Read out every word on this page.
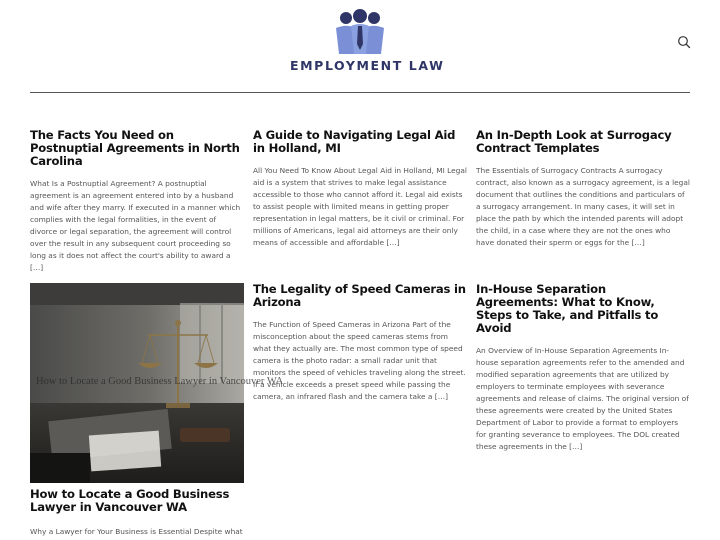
EMPLOYMENT LAW
The Facts You Need on Postnuptial Agreements in North Carolina

What Is a Postnuptial Agreement? A postnuptial agreement is an agreement entered into by a husband and wife after they marry. If executed in a manner which complies with the legal formalities, in the event of divorce or legal separation, the agreement will control over the result in any subsequent court proceeding so long as it does not affect the court's ability to award a […]

A Guide to Navigating Legal Aid in Holland, MI

All You Need To Know About Legal Aid in Holland, MI Legal aid is a system that strives to make legal assistance accessible to those who cannot afford it. Legal aid exists to assist people with limited means in getting proper representation in legal matters, be it civil or criminal. For millions of Americans, legal aid attorneys are their only means of accessible and affordable […]

An In-Depth Look at Surrogacy Contract Templates

The Essentials of Surrogacy Contracts A surrogacy contract, also known as a surrogacy agreement, is a legal document that outlines the conditions and particulars of a surrogacy arrangement. In many cases, it will set in place the path by which the intended parents will adopt the child, in a case where they are not the ones who have donated their sperm or eggs for the […]

How to Locate a Good Business Lawyer in Vancouver WA
How to Locate a Good Business Lawyer in Vancouver WA

Why a Lawyer for Your Business is Essential Despite what

The Legality of Speed Cameras in Arizona

The Function of Speed Cameras in Arizona Part of the misconception about the speed cameras stems from what they actually are. The most common type of speed camera is the photo radar: a small radar unit that monitors the speed of vehicles traveling along the street. If a vehicle exceeds a preset speed while passing the camera, an infrared flash and the camera take a […]

In-House Separation Agreements: What to Know, Steps to Take, and Pitfalls to Avoid

An Overview of In-House Separation Agreements In-house separation agreements refer to the amended and modified separation agreements that are utilized by employers to terminate employees with severance agreements and release of claims. The original version of these agreements were created by the United States Department of Labor to provide a format to employers for granting severance to employees. The DOL created these agreements in the […]
